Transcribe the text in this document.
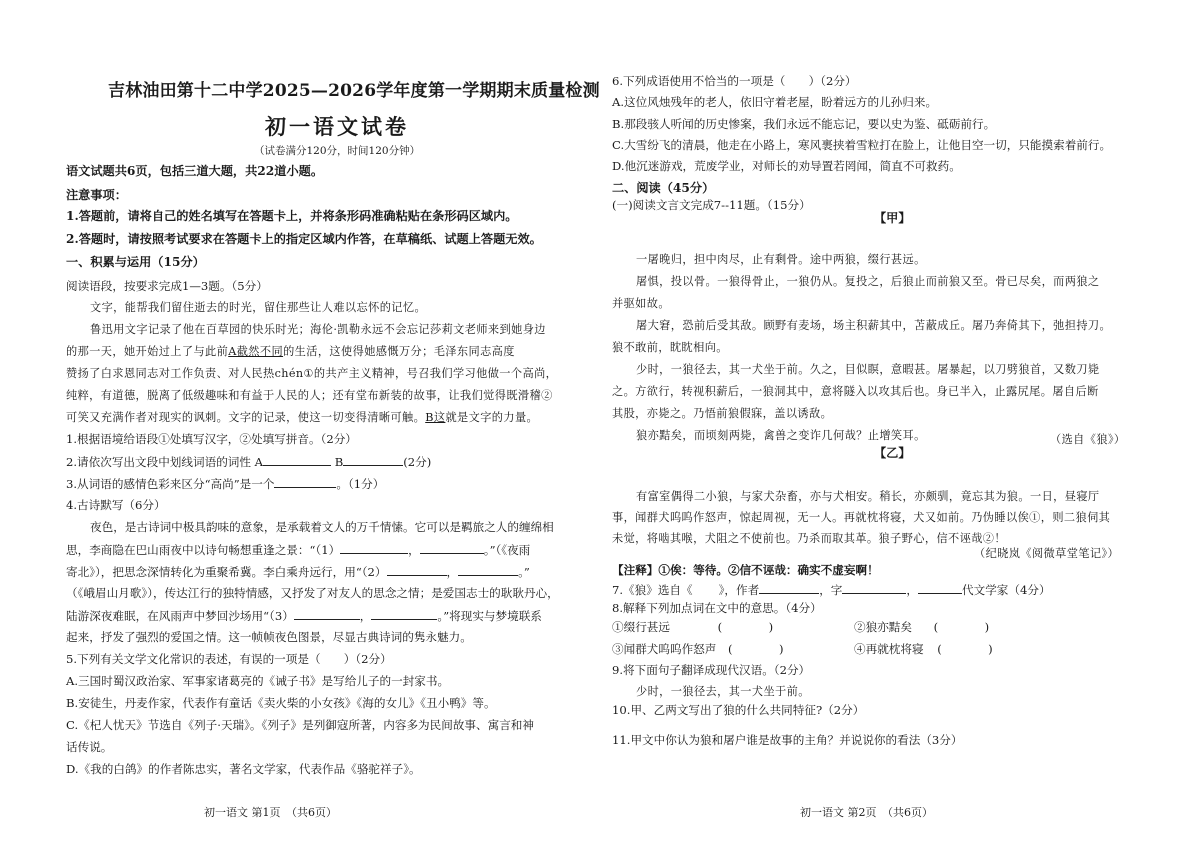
吉林油田第十二中学2025—2026学年度第一学期期末质量检测
初一语文试卷
（试卷满分120分，时间120分钟）
语文试题共6页，包括三道大题，共22道小题。
注意事项：
1.答题前，请将自己的姓名填写在答题卡上，并将条形码准确粘贴在条形码区域内。
2.答题时，请按照考试要求在答题卡上的指定区域内作答，在草稿纸、试题上答题无效。
一、积累与运用（15分）
阅读语段，按要求完成1—3题。（5分）
文字，能帮我们留住逝去的时光，留住那些让人难以忘怀的记忆。
鲁迅用文字记录了他在百草园的快乐时光；海伦·凯勒永远不会忘记莎莉文老师来到她身边
的那一天，她开始过上了与此前A截然不同的生活，这使得她感慨万分；毛泽东同志高度
赞扬了白求恩同志对工作负责、对人民热chén①的共产主义精神，号召我们学习他做一个高尚，
纯粹，有道德，脱离了低级趣味和有益于人民的人；还有堂布新装的故事，让我们觉得既滑稽②
可笑又充满作者对现实的讽刺。文字的记录，使这一切变得清晰可触。B这就是文字的力量。
1.根据语境给语段①处填写汉字，②处填写拼音。（2分）
2.请依次写出文段中划线词语的词性 A	B	(2分)
3.从词语的感情色彩来区分“高尚”是一个	。（1分）
4.古诗默写（6分）
夜色，是古诗词中极具韵味的意象，是承载着文人的万千情愫。它可以是羁旅之人的缠绵相
思，李商隐在巴山雨夜中以诗句畅想重逢之景：“（1）	，	。”（《夜雨
寄北》），把思念深情转化为重聚希冀。李白乘舟远行，用“（2）	，	。”
（《峨眉山月歌》），传达江行的独特情感，又抒发了对友人的思念之情；是爱国志士的耿耿丹心，
陆游深夜难眠，在风雨声中梦回沙场用“（3）	，	。”将现实与梦境联系
起来，抒发了强烈的爱国之情。这一帧帧夜色图景，尽显古典诗词的隽永魅力。
5.下列有关文学文化常识的表述，有误的一项是（　　）（2分）
A.三国时蜀汉政治家、军事家诸葛亮的《诫子书》是写给儿子的一封家书。
B.安徒生，丹麦作家，代表作有童话《卖火柴的小女孩》《海的女儿》《丑小鸭》等。
C.《杞人忧天》节选自《列子·天瑞》。《列子》是列御寇所著，内容多为民间故事、寓言和神
话传说。
D.《我的白鸽》的作者陈忠实，著名文学家，代表作品《骆驼祥子》。
初一语文 第1页　（共6页）
6.下列成语使用不恰当的一项是（　　）（2分）
A.这位风烛残年的老人，依旧守着老屋，盼着远方的儿孙归来。
B.那段骇人听闻的历史惨案，我们永远不能忘记，要以史为鉴、砥砺前行。
C.大雪纷飞的清晨，他走在小路上，寒风裹挟着雪粒打在脸上，让他目空一切，只能摸索着前行。
D.他沉迷游戏，荒废学业，对师长的劝导置若罔闻，简直不可救药。
二、阅读（45分）
(一)阅读文言文完成7--11题。（15分）
【甲】
一屠晚归，担中肉尽，止有剩骨。途中两狼，缀行甚远。
屠惧，投以骨。一狼得骨止，一狼仍从。复投之，后狼止而前狼又至。骨已尽矣，而两狼之
并驱如故。
屠大窘，恐前后受其敌。顾野有麦场，场主积薪其中，苫蔽成丘。屠乃奔倚其下，弛担持刀。
狼不敢前，眈眈相向。
少时，一狼径去，其一犬坐于前。久之，目似瞑，意暇甚。屠暴起，以刀劈狼首，又数刀毙
之。方欲行，转视积薪后，一狼洞其中，意将隧入以攻其后也。身已半入，止露尻尾。屠自后断
其股，亦毙之。乃悟前狼假寐，盖以诱敌。
狼亦黠矣，而顷刻两毙，禽兽之变诈几何哉？止增笑耳。	（选自《狼》）
【乙】
有富室偶得二小狼，与家犬杂畜，亦与犬相安。稍长，亦颇驯，竟忘其为狼。一日，昼寝厅
事，闻群犬呜呜作怒声，惊起周视，无一人。再就枕将寝，犬又如前。乃伪睡以俟①，则二狼伺其
未觉，将啮其喉，犬阻之不使前也。乃杀而取其革。狼子野心，信不诬哉②！
（纪晓岚《阅微草堂笔记》）
【注释】①俟：等待。②信不诬哉：确实不虚妄啊！
7.《狼》选自《 》，作者	，字	，	代文学家（4分）
8.解释下列加点词在文中的意思。（4分）
①缀行甚远	(　　　　)	②狼亦黠矣 (　　　　)
③闻群犬呜呜作怒声 (　　　　)	④再就枕将寝 (　　　　)
9.将下面句子翻译成现代汉语。（2分）
少时，一狼径去，其一犬坐于前。
10.甲、乙两文写出了狼的什么共同特征?（2分）
11.甲文中你认为狼和屠户谁是故事的主角？并说说你的看法（3分）
初一语文 第2页　（共6页）
